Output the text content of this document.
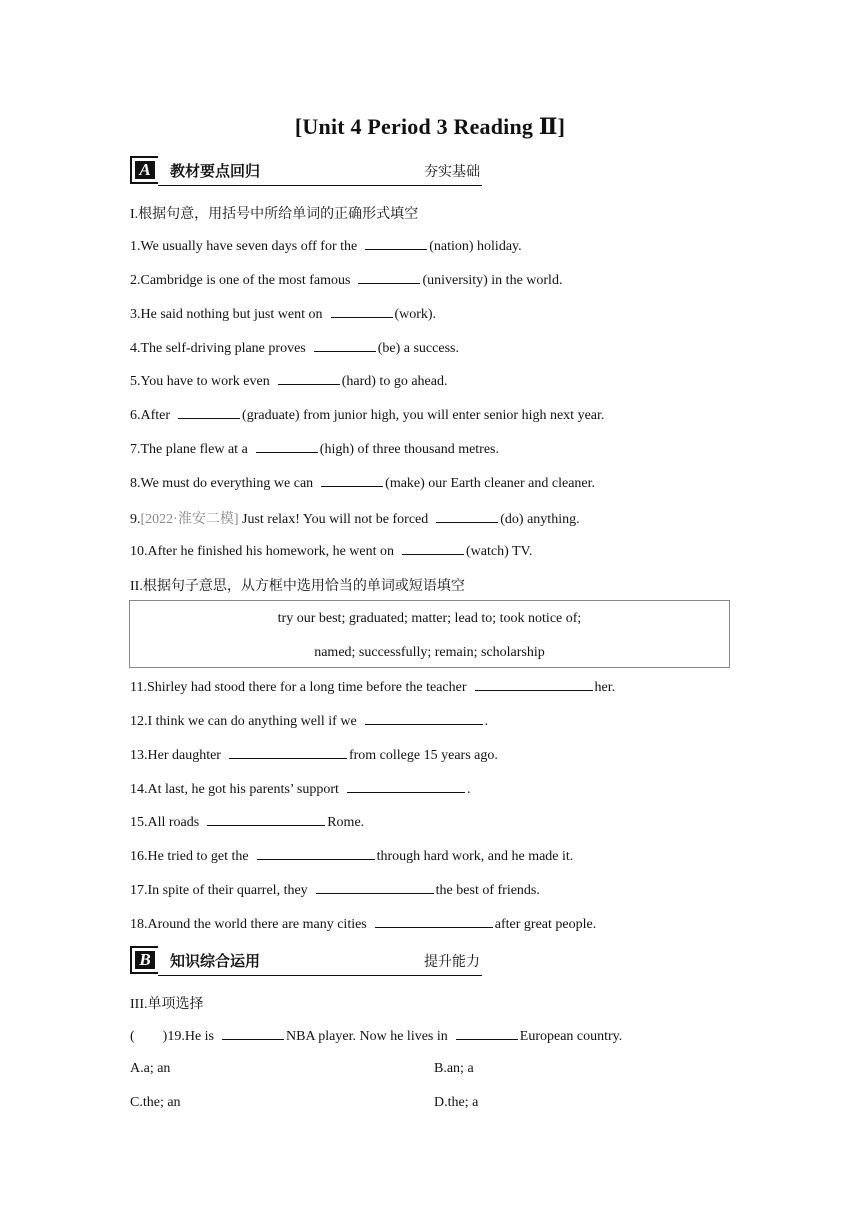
[Unit 4 Period 3 Reading Ⅱ]
A 教材要点回归	夯实基础
I.根据句意，用括号中所给单词的正确形式填空
1.We usually have seven days off for the	(nation) holiday.
2.Cambridge is one of the most famous	(university) in the world.
3.He said nothing but just went on	(work).
4.The self-driving plane proves	(be) a success.
5.You have to work even	(hard) to go ahead.
6.After	(graduate) from junior high, you will enter senior high next year.
7.The plane flew at a	(high) of three thousand metres.
8.We must do everything we can	(make) our Earth cleaner and cleaner.
9.[2022·淮安二模] Just relax! You will not be forced	(do) anything.
10.After he finished his homework, he went on	(watch) TV.
II.根据句子意思，从方框中选用恰当的单词或短语填空
try our best; graduated; matter; lead to; took notice of;
named; successfully; remain; scholarship
11.Shirley had stood there for a long time before the teacher	her.
12.I think we can do anything well if we	.
13.Her daughter	from college 15 years ago.
14.At last, he got his parents’ support	.
15.All roads	Rome.
16.He tried to get the	through hard work, and he made it.
17.In spite of their quarrel, they	the best of friends.
18.Around the world there are many cities	after great people.
B 知识综合运用	提升能力
III.单项选择
(  )19.He is	NBA player. Now he lives in	European country.
A.a; an	B.an; a
C.the; an	D.the; a
